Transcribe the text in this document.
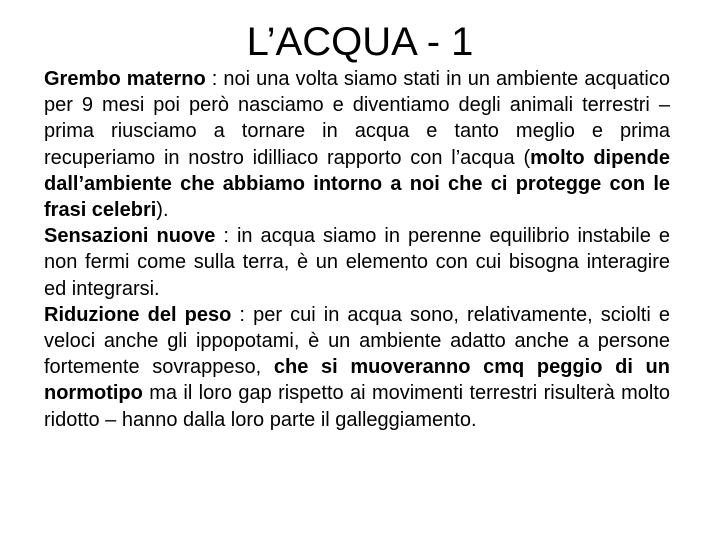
L’ACQUA - 1

Grembo materno : noi una volta siamo stati in un ambiente acquatico per 9 mesi poi però nasciamo e diventiamo degli animali terrestri – prima riusciamo a tornare in acqua e tanto meglio e prima recuperiamo in nostro idilliaco rapporto con l’acqua (molto dipende dall’ambiente che abbiamo intorno a noi che ci protegge con le frasi celebri).

Sensazioni nuove : in acqua siamo in perenne equilibrio instabile e non fermi come sulla terra, è un elemento con cui bisogna interagire ed integrarsi.

Riduzione del peso : per cui in acqua sono, relativamente, sciolti e veloci anche gli ippopotami, è un ambiente adatto anche a persone fortemente sovrappeso, che si muoveranno cmq peggio di un normotipo ma il loro gap rispetto ai movimenti terrestri risulterà molto ridotto – hanno dalla loro parte il galleggiamento.
